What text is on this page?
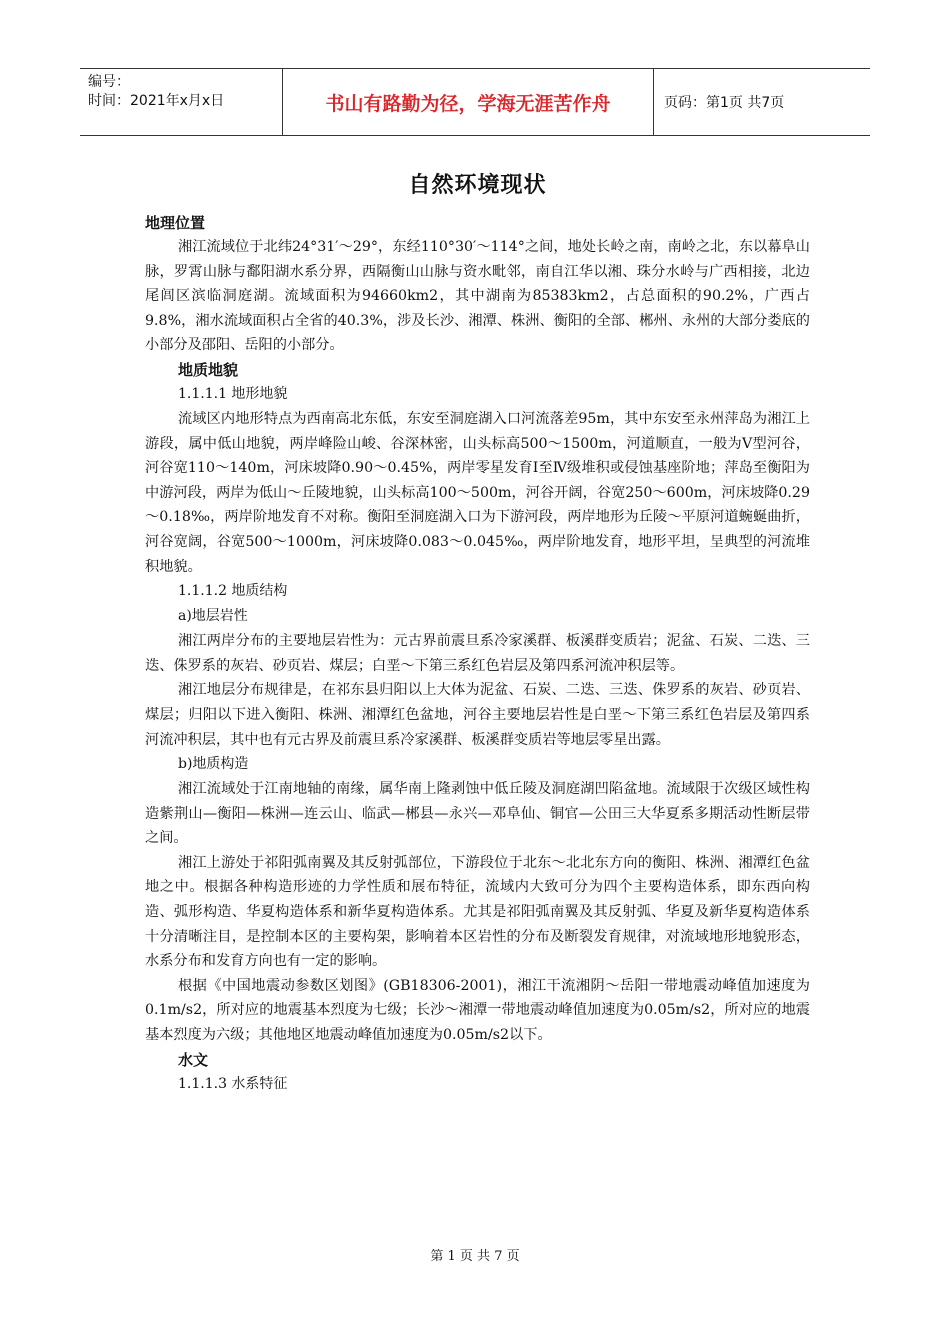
编号：
时间：2021年x月x日	书山有路勤为径，学海无涯苦作舟	页码：第1页 共7页
自然环境现状

地理位置

湘江流域位于北纬24°31′～29°，东经110°30′～114°之间，地处长岭之南，南岭之北，东以幕阜山脉，罗霄山脉与鄱阳湖水系分界，西隔衡山山脉与资水毗邻，南自江华以湘、珠分水岭与广西相接，北边尾闾区滨临洞庭湖。流域面积为94660km2，其中湖南为85383km2，占总面积的90.2%，广西占9.8%，湘水流域面积占全省的40.3%，涉及长沙、湘潭、株洲、衡阳的全部、郴州、永州的大部分娄底的小部分及邵阳、岳阳的小部分。

地质地貌

1.1.1.1 地形地貌

流域区内地形特点为西南高北东低，东安至洞庭湖入口河流落差95m，其中东安至永州萍岛为湘江上游段，属中低山地貌，两岸峰险山峻、谷深林密，山头标高500～1500m，河道顺直，一般为V型河谷，河谷宽110～140m，河床坡降0.90～0.45%，两岸零星发育Ⅰ至Ⅳ级堆积或侵蚀基座阶地；萍岛至衡阳为中游河段，两岸为低山～丘陵地貌，山头标高100～500m，河谷开阔，谷宽250～600m，河床坡降0.29～0.18‰，两岸阶地发育不对称。衡阳至洞庭湖入口为下游河段，两岸地形为丘陵～平原河道蜿蜒曲折，河谷宽阔，谷宽500～1000m，河床坡降0.083～0.045‰，两岸阶地发育，地形平坦，呈典型的河流堆积地貌。

1.1.1.2 地质结构

a)地层岩性

湘江两岸分布的主要地层岩性为：元古界前震旦系冷家溪群、板溪群变质岩；泥盆、石炭、二迭、三迭、侏罗系的灰岩、砂页岩、煤层；白垩～下第三系红色岩层及第四系河流冲积层等。

湘江地层分布规律是，在祁东县归阳以上大体为泥盆、石炭、二迭、三迭、侏罗系的灰岩、砂页岩、煤层；归阳以下进入衡阳、株洲、湘潭红色盆地，河谷主要地层岩性是白垩～下第三系红色岩层及第四系河流冲积层，其中也有元古界及前震旦系冷家溪群、板溪群变质岩等地层零星出露。

b)地质构造

湘江流域处于江南地轴的南缘，属华南上隆剥蚀中低丘陵及洞庭湖凹陷盆地。流域限于次级区域性构造紫荆山—衡阳—株洲—连云山、临武—郴县—永兴—邓阜仙、铜官—公田三大华夏系多期活动性断层带之间。

湘江上游处于祁阳弧南翼及其反射弧部位，下游段位于北东～北北东方向的衡阳、株洲、湘潭红色盆地之中。根据各种构造形迹的力学性质和展布特征，流域内大致可分为四个主要构造体系，即东西向构造、弧形构造、华夏构造体系和新华夏构造体系。尤其是祁阳弧南翼及其反射弧、华夏及新华夏构造体系十分清晰注目，是控制本区的主要构架，影响着本区岩性的分布及断裂发育规律，对流域地形地貌形态，水系分布和发育方向也有一定的影响。

根据《中国地震动参数区划图》(GB18306-2001)，湘江干流湘阴～岳阳一带地震动峰值加速度为0.1m/s2，所对应的地震基本烈度为七级；长沙～湘潭一带地震动峰值加速度为0.05m/s2，所对应的地震基本烈度为六级；其他地区地震动峰值加速度为0.05m/s2以下。

水文

1.1.1.3 水系特征

第 1 页 共 7 页
